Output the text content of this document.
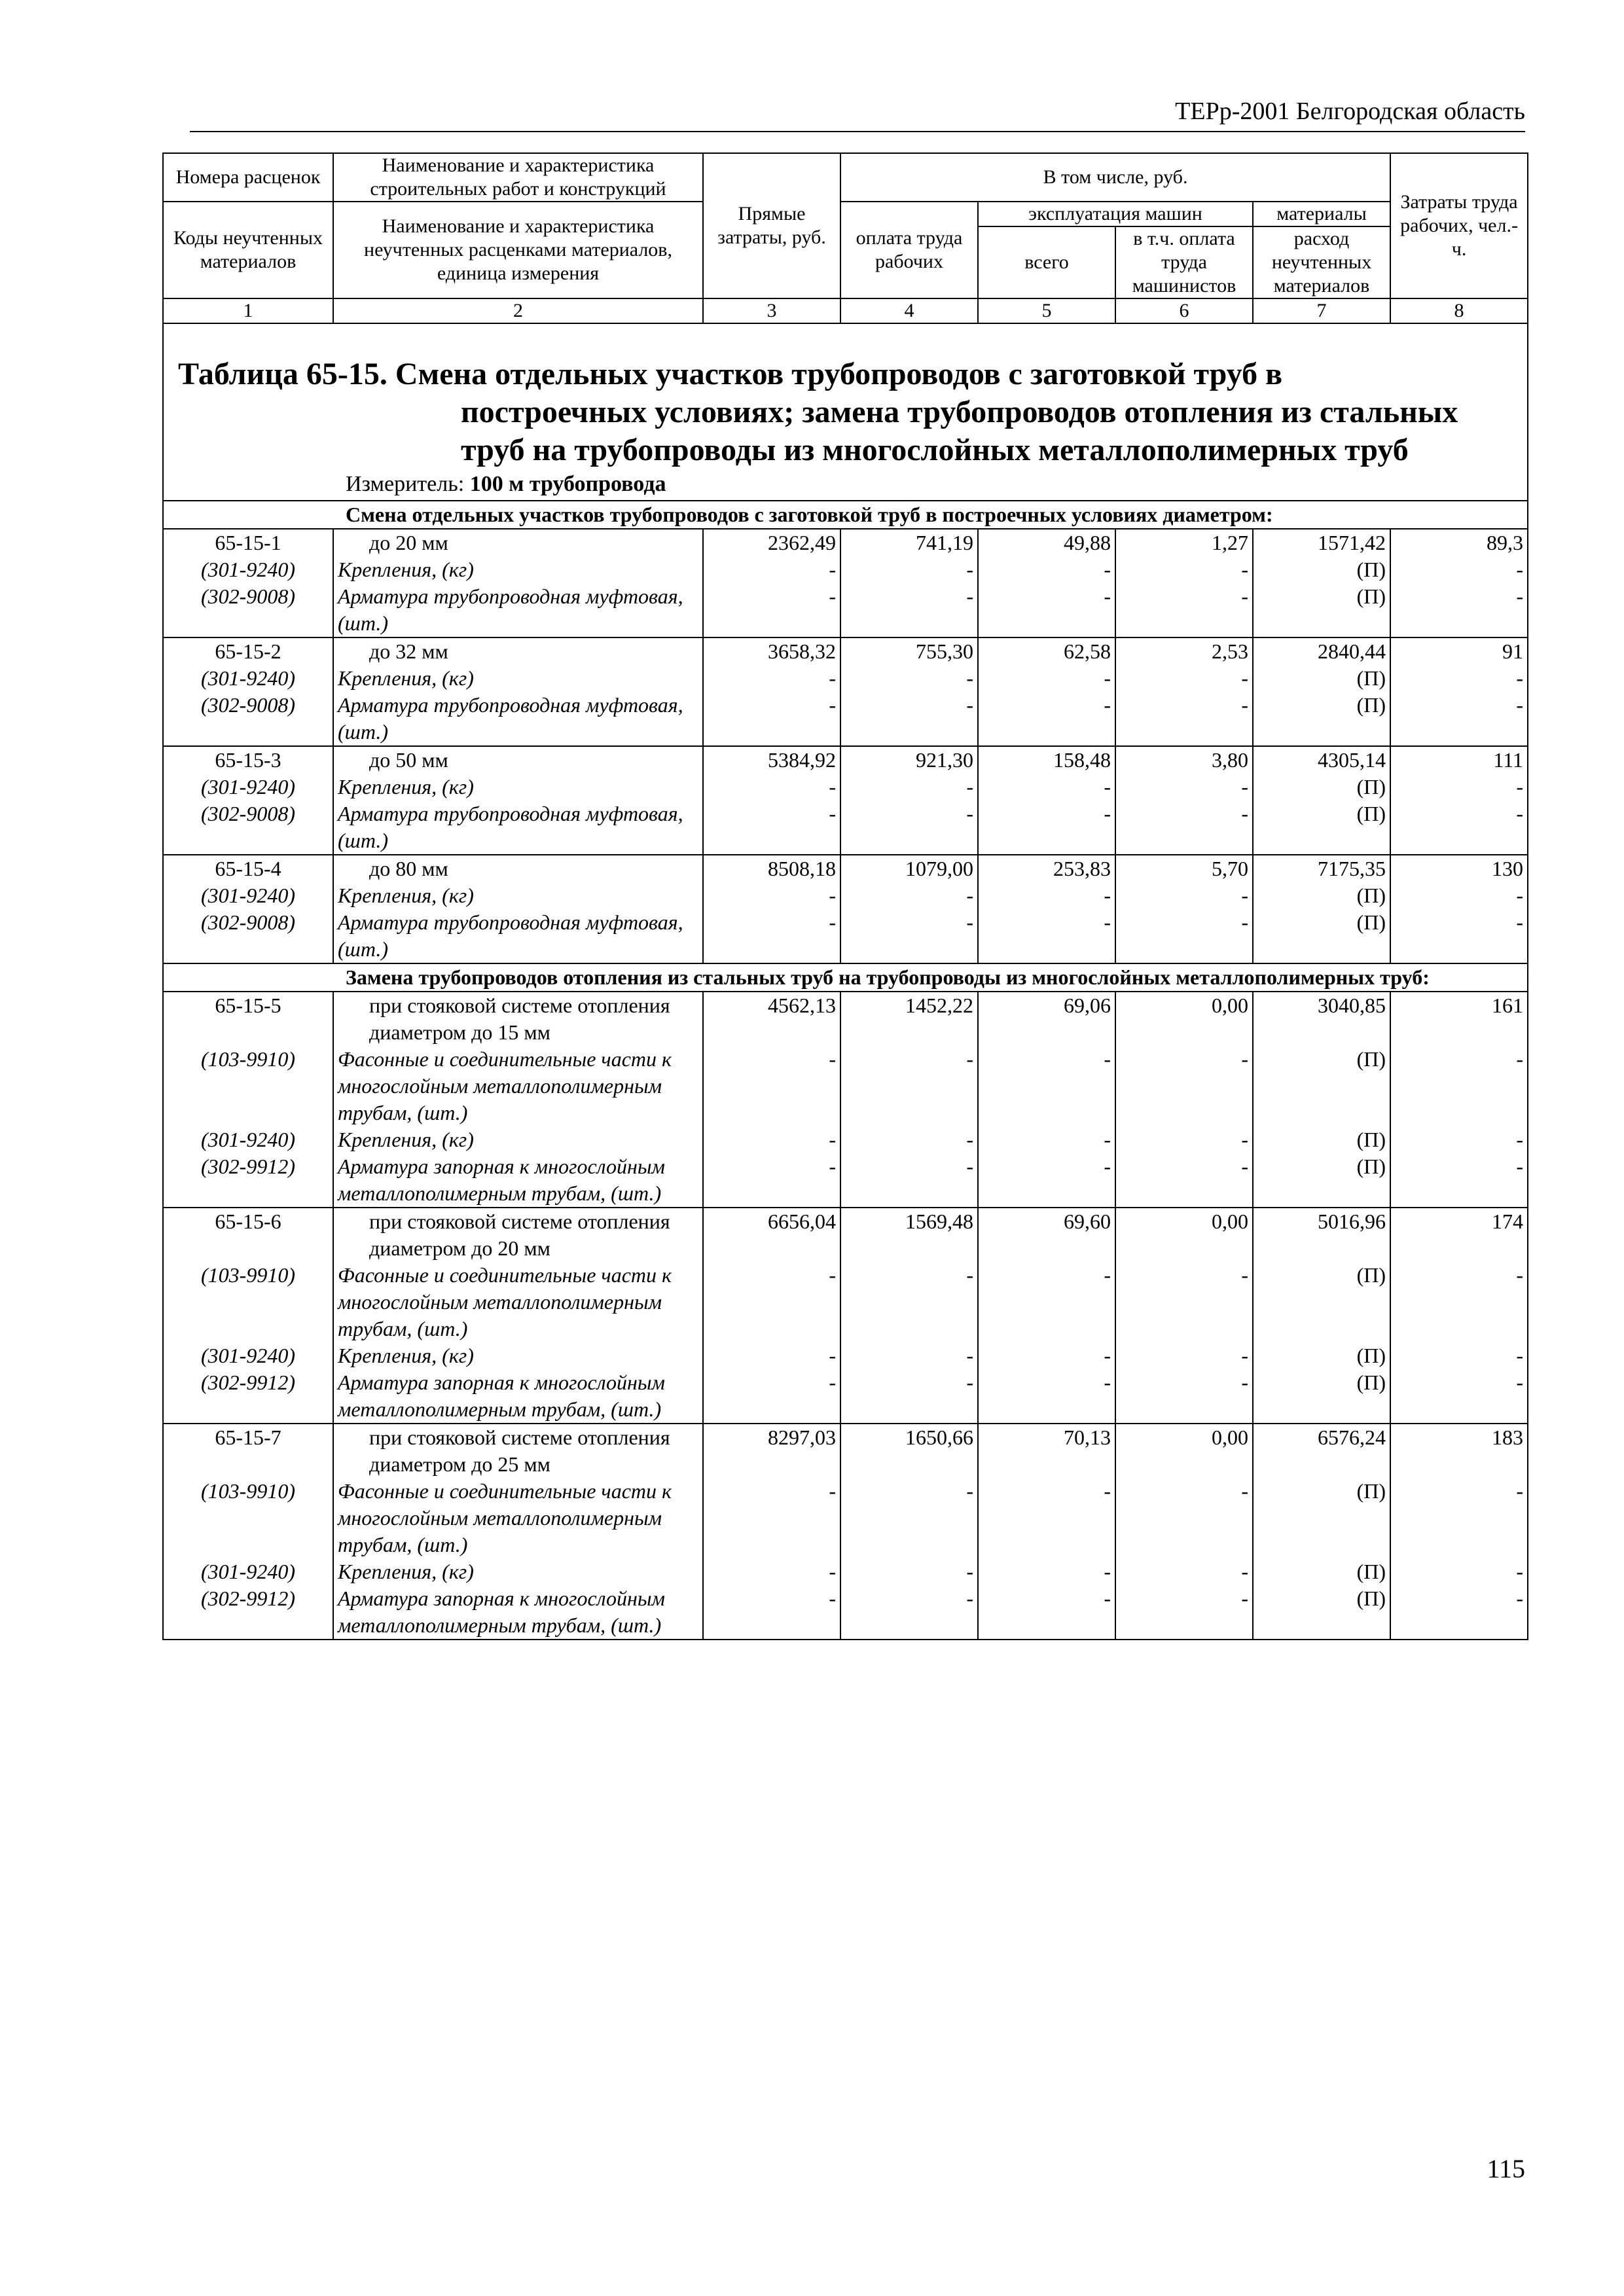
ТЕРр-2001 Белгородская область
Номера расценок	Наименование и характеристика строительных работ и конструкций	Прямые затраты, руб.	В том числе, руб.				Затраты труда рабочих, чел.-ч.
Коды неучтенных материалов	Наименование и характеристика неучтенных расценками материалов, единица измерения		оплата труда рабочих	эксплуатация машин		материалы	
				всего	в т.ч. оплата труда машинистов	расход неучтенных материалов	

1	2	3	4	5	6	7	8

Таблица 65-15. Смена отдельных участков трубопроводов с заготовкой труб в
построечных условиях; замена трубопроводов отопления из стальных
труб на трубопроводы из многослойных металлополимерных труб
Измеритель: 100 м трубопровода							

Смена отдельных участков трубопроводов с заготовкой труб в построечных условиях диаметром:							
65-15-1	до 20 мм	2362,49	741,19	49,88	1,27	1571,42	89,3
(301-9240)	Крепления, (кг)	-	-	-	-	(П)	-
(302-9008)	Арматура трубопроводная муфтовая, (шт.)	-	-	-	-	(П)	-
65-15-2	до 32 мм	3658,32	755,30	62,58	2,53	2840,44	91
(301-9240)	Крепления, (кг)	-	-	-	-	(П)	-
(302-9008)	Арматура трубопроводная муфтовая, (шт.)	-	-	-	-	(П)	-
65-15-3	до 50 мм	5384,92	921,30	158,48	3,80	4305,14	111
(301-9240)	Крепления, (кг)	-	-	-	-	(П)	-
(302-9008)	Арматура трубопроводная муфтовая, (шт.)	-	-	-	-	(П)	-
65-15-4	до 80 мм	8508,18	1079,00	253,83	5,70	7175,35	130
(301-9240)	Крепления, (кг)	-	-	-	-	(П)	-
(302-9008)	Арматура трубопроводная муфтовая, (шт.)	-	-	-	-	(П)	-
Замена трубопроводов отопления из стальных труб на трубопроводы из многослойных металлополимерных труб:							
65-15-5	при стояковой системе отопления диаметром до 15 мм	4562,13	1452,22	69,06	0,00	3040,85	161
(103-9910)	Фасонные и соединительные части к многослойным металлополимерным трубам, (шт.)	-	-	-	-	(П)	-
(301-9240)	Крепления, (кг)	-	-	-	-	(П)	-
(302-9912)	Арматура запорная к многослойным металлополимерным трубам, (шт.)	-	-	-	-	(П)	-
65-15-6	при стояковой системе отопления диаметром до 20 мм	6656,04	1569,48	69,60	0,00	5016,96	174
(103-9910)	Фасонные и соединительные части к многослойным металлополимерным трубам, (шт.)	-	-	-	-	(П)	-
(301-9240)	Крепления, (кг)	-	-	-	-	(П)	-
(302-9912)	Арматура запорная к многослойным металлополимерным трубам, (шт.)	-	-	-	-	(П)	-
65-15-7	при стояковой системе отопления диаметром до 25 мм	8297,03	1650,66	70,13	0,00	6576,24	183
(103-9910)	Фасонные и соединительные части к многослойным металлополимерным трубам, (шт.)	-	-	-	-	(П)	-
(301-9240)	Крепления, (кг)	-	-	-	-	(П)	-
(302-9912)	Арматура запорная к многослойным металлополимерным трубам, (шт.)	-	-	-	-	(П)	-
115
